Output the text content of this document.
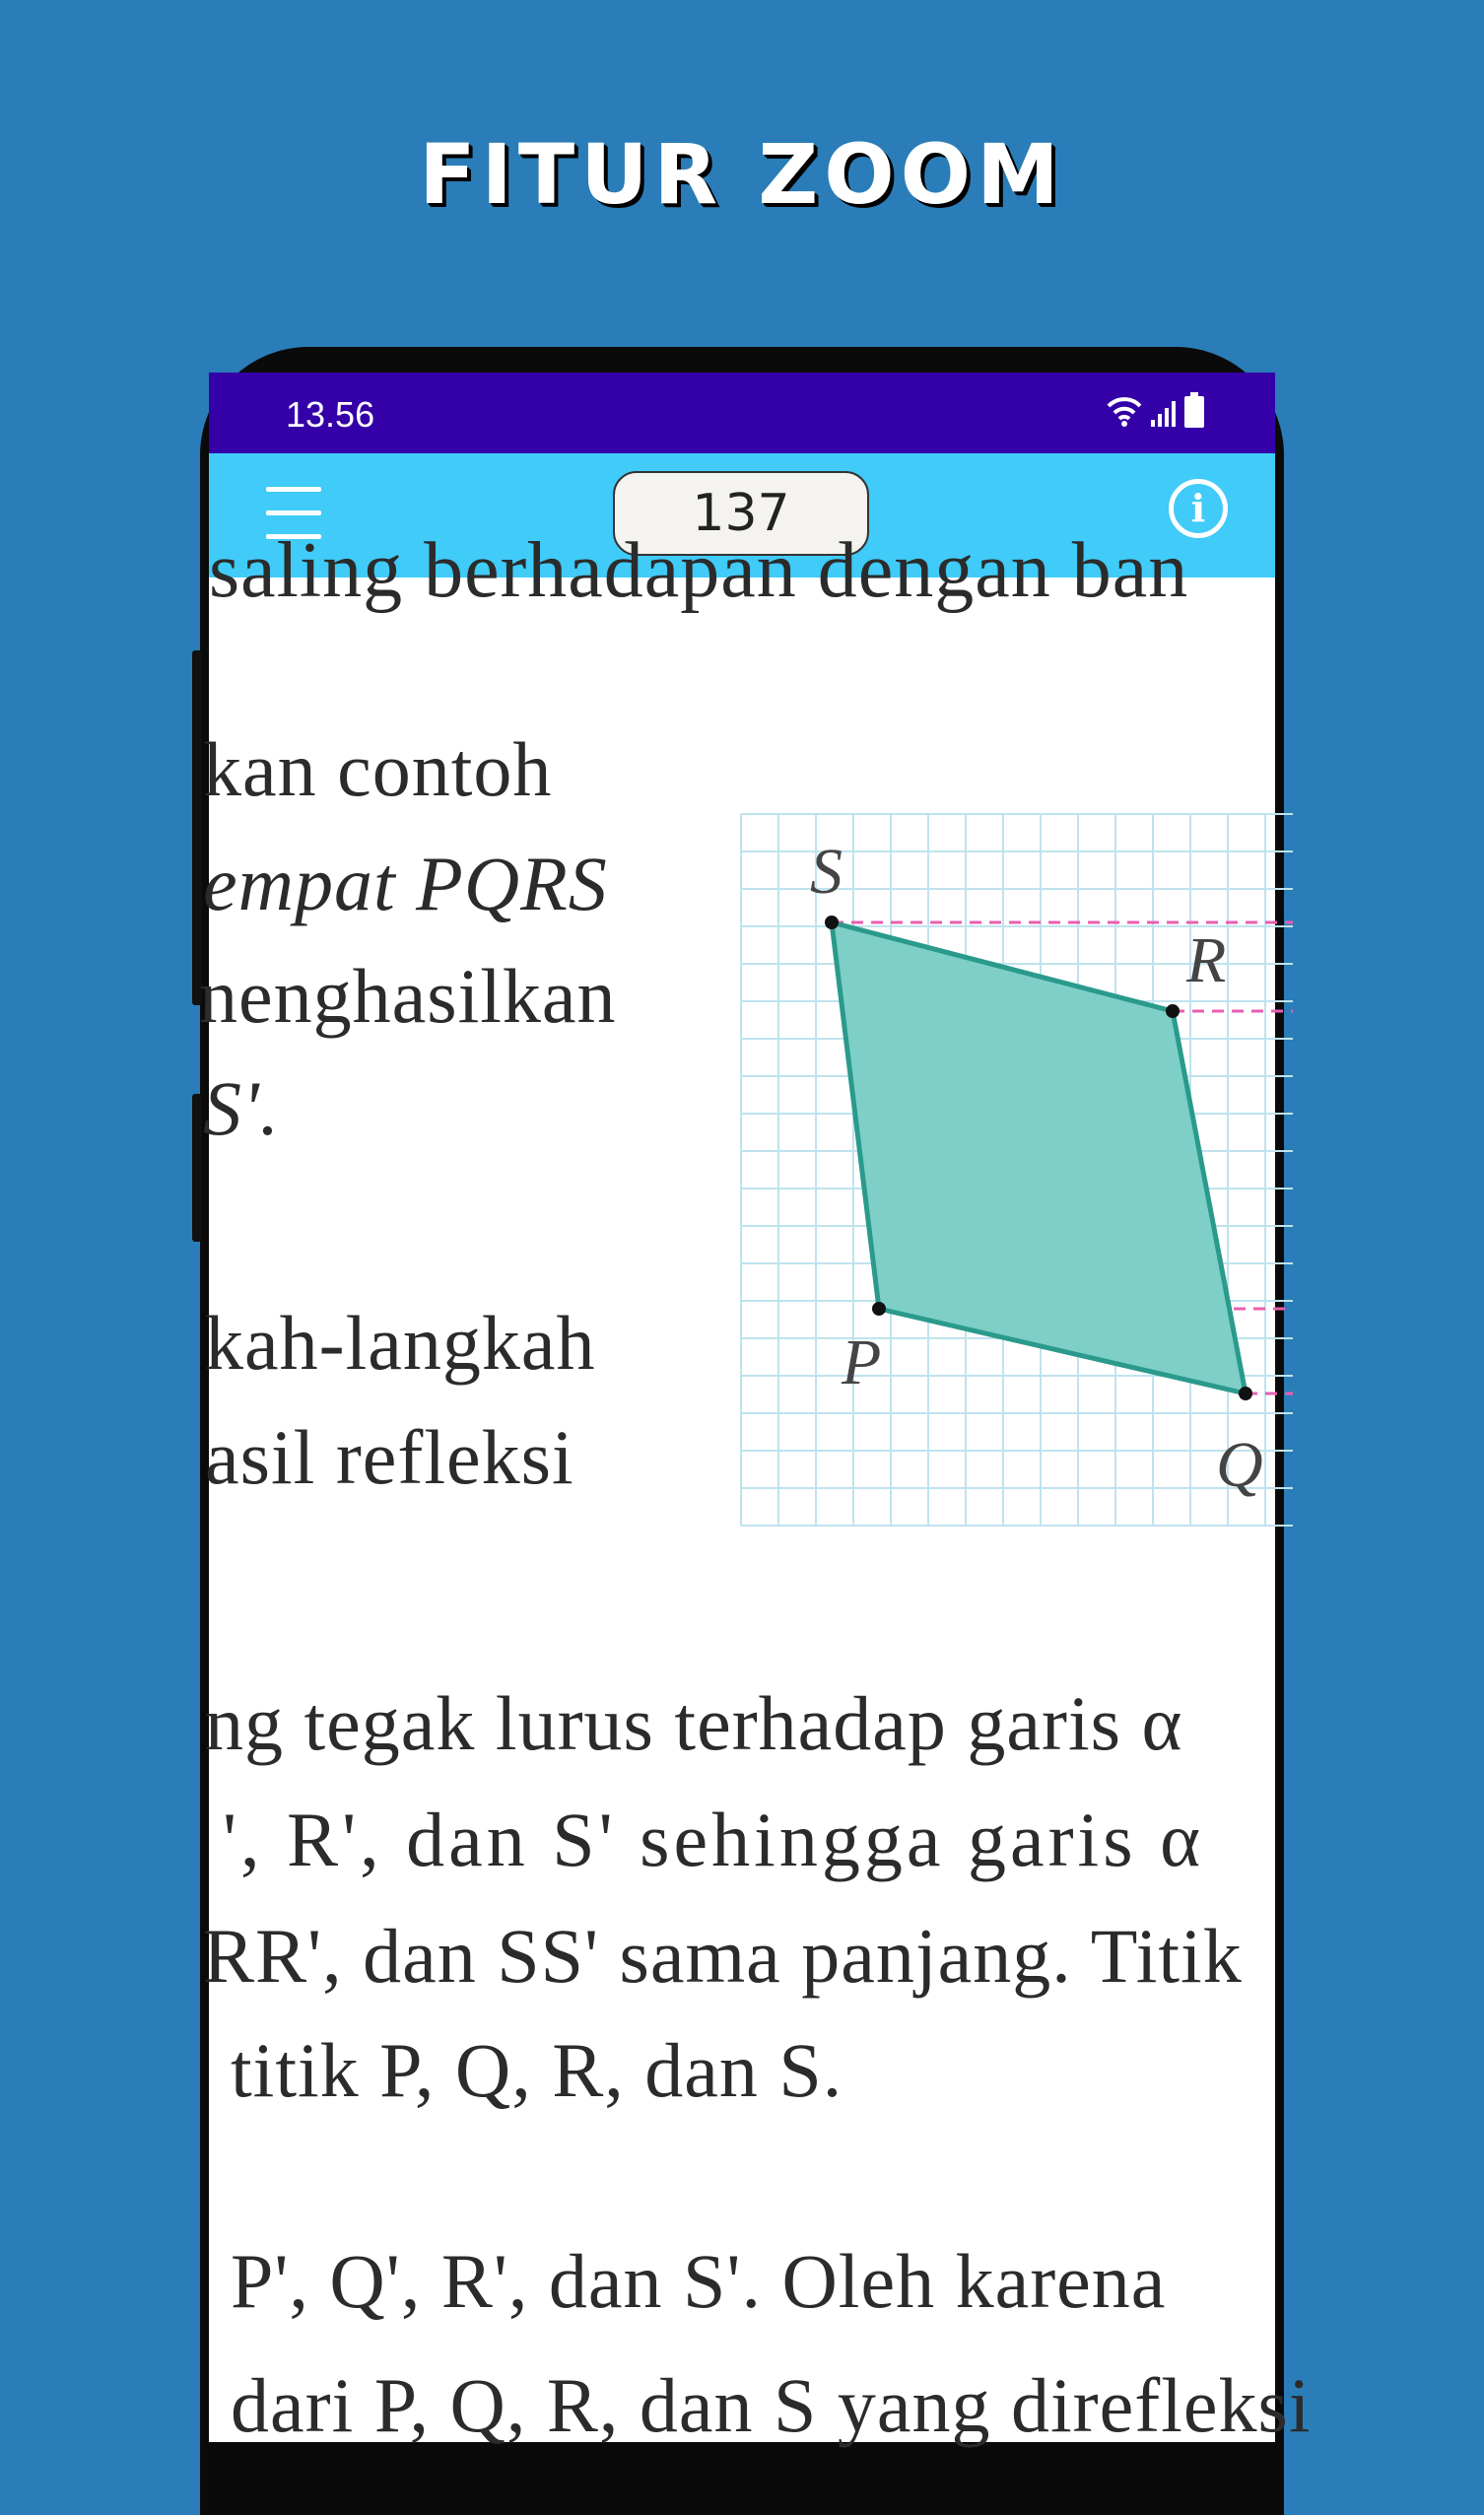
FITUR ZOOM
13.56
137	i
saling berhadapan dengan ban
kan contoh
empat PQRS
nenghasilkan
S'.
kah-langkah
asil refleksi
S
R
P
Q
ng tegak lurus terhadap garis α
', R', dan S' sehingga garis α
RR', dan SS' sama panjang. Titik
titik P, Q, R, dan S.
P', Q', R', dan S'. Oleh karena
dari P, Q, R, dan S yang direfleksi
